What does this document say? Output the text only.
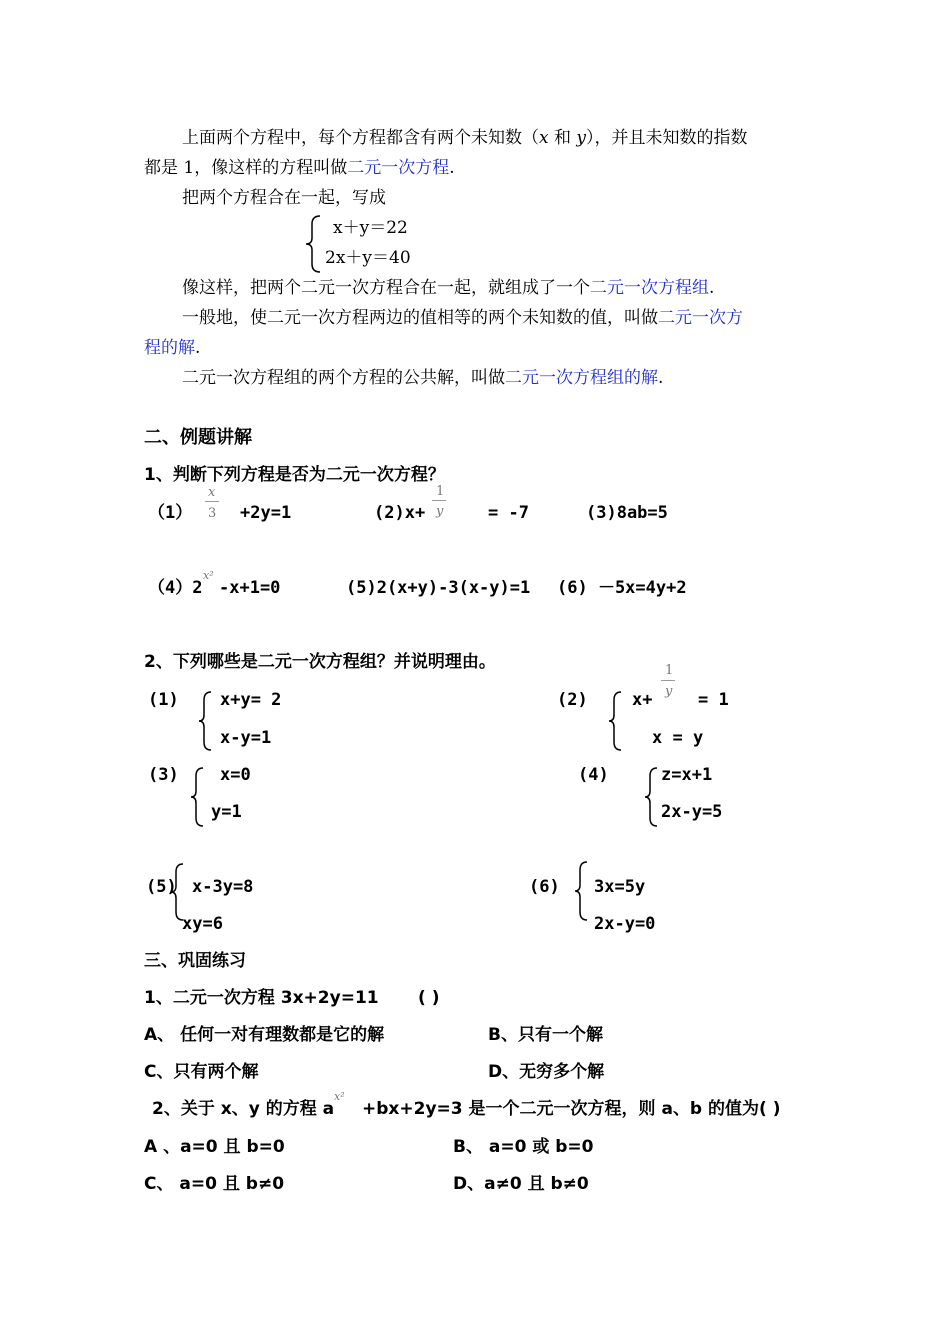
上面两个方程中，每个方程都含有两个未知数（x 和 y），并且未知数的指数
都是 1，像这样的方程叫做二元一次方程.
把两个方程合在一起，写成
x＋y＝22
2x＋y＝40
像这样，把两个二元一次方程合在一起，就组成了一个二元一次方程组.
一般地，使二元一次方程两边的值相等的两个未知数的值，叫做二元一次方
程的解.
二元一次方程组的两个方程的公共解，叫做二元一次方程组的解.
二、例题讲解
1、判断下列方程是否为二元一次方程？
（1）
x
3 +2y=1	(2)x+
1
y	= -7	(3)8ab=5
（4）2
x²
-x+1=0	(5)2(x+y)-3(x-y)=1 (6) －5x=4y+2
2、下列哪些是二元一次方程组？并说明理由。
(1) x+y= 2
x-y=1
(2)	x+
1
y = 1
x = y
(3) x=0
y=1
(4)	z=x+1
2x-y=5
(5) x-3y=8
xy=6
(6) 3x=5y
2x-y=0
三、巩固练习
1、二元一次方程 3x+2y=11 ( )
A、 任何一对有理数都是它的解	B、只有一个解
C、只有两个解	D、无穷多个解
2、关于 x、y 的方程 a
x²
+bx+2y=3 是一个二元一次方程，则 a、b 的值为( )
A 、a=0 且 b=0	B、 a=0 或 b=0
C、 a=0 且 b≠0	D、a≠0 且 b≠0
